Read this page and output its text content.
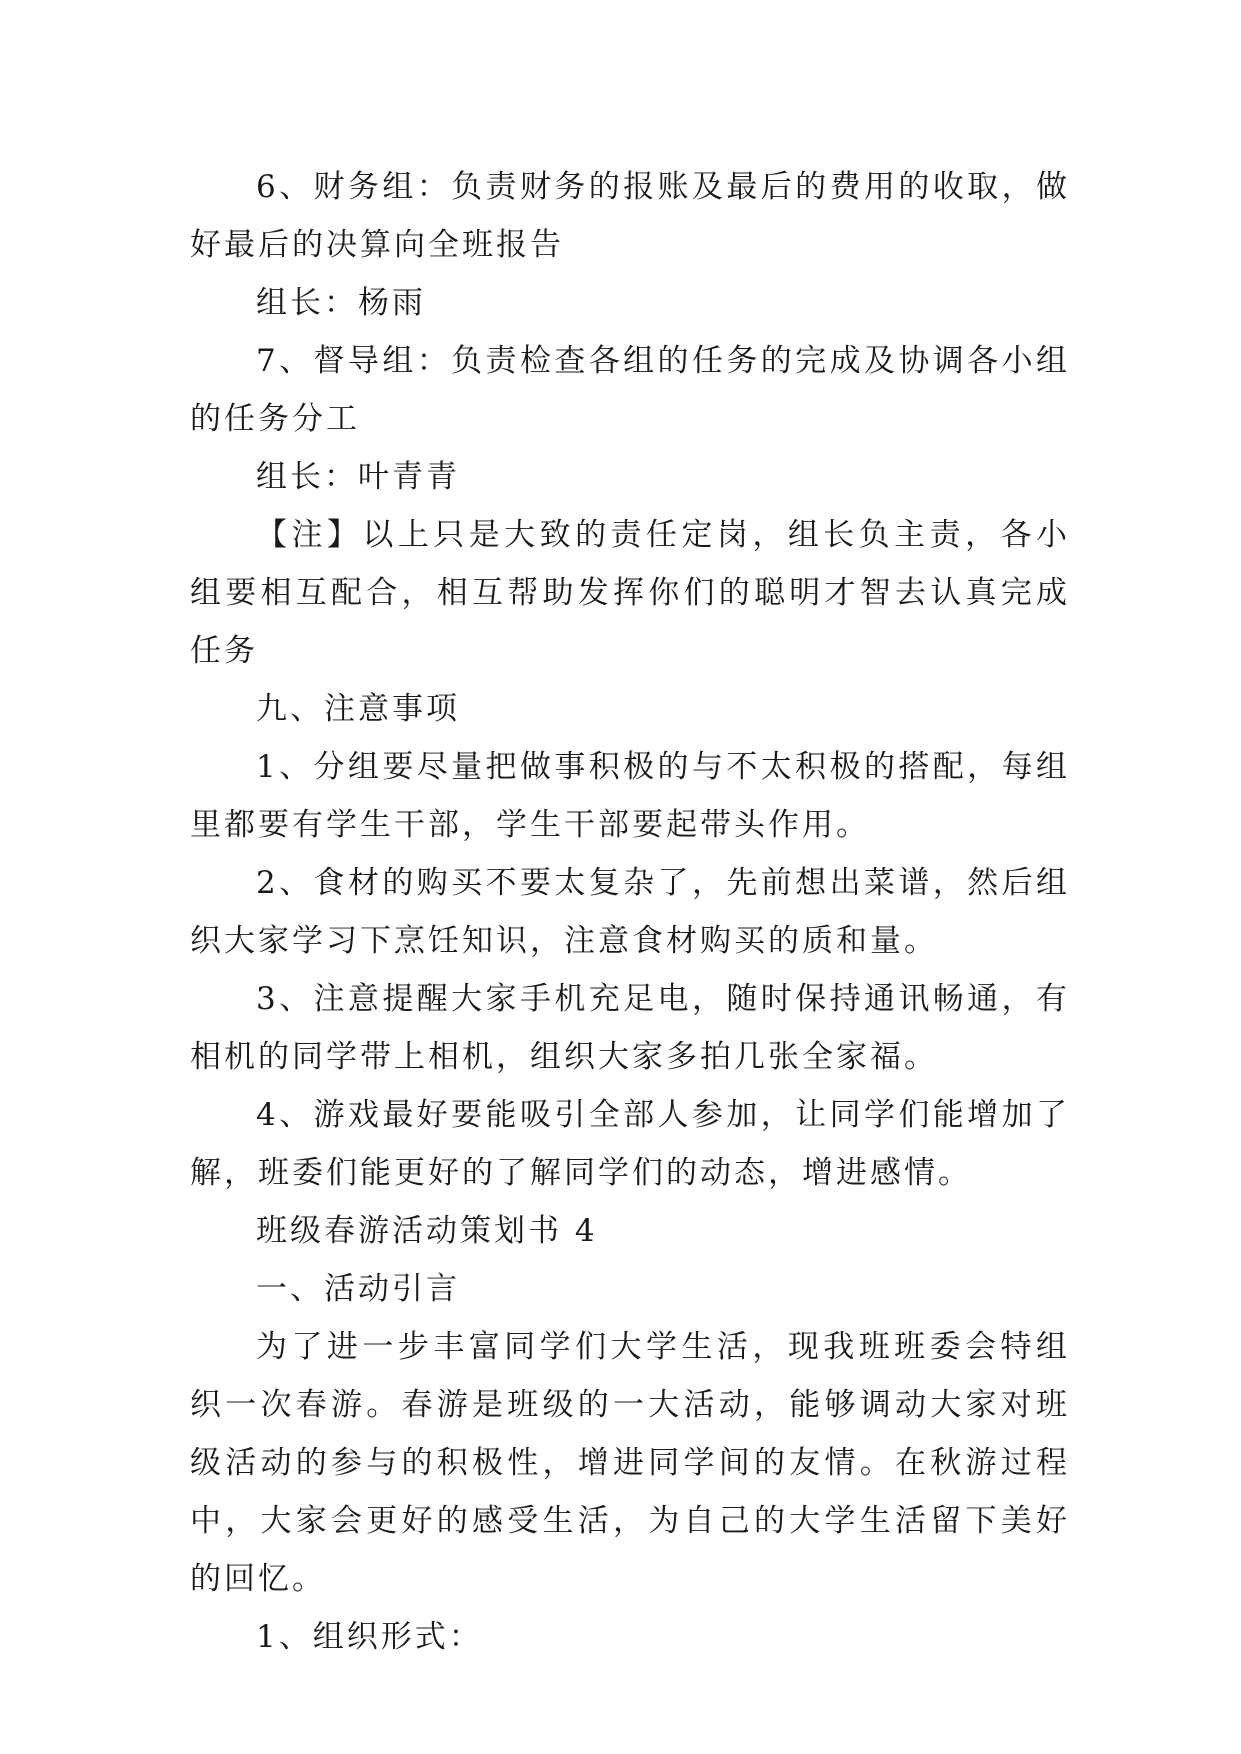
6、财务组：负责财务的报账及最后的费用的收取，做好最后的决算向全班报告

组长：杨雨

7、督导组：负责检查各组的任务的完成及协调各小组的任务分工

组长：叶青青

【注】以上只是大致的责任定岗，组长负主责，各小组要相互配合，相互帮助发挥你们的聪明才智去认真完成任务

九、注意事项

1、分组要尽量把做事积极的与不太积极的搭配，每组里都要有学生干部，学生干部要起带头作用。

2、食材的购买不要太复杂了，先前想出菜谱，然后组织大家学习下烹饪知识，注意食材购买的质和量。

3、注意提醒大家手机充足电，随时保持通讯畅通，有相机的同学带上相机，组织大家多拍几张全家福。

4、游戏最好要能吸引全部人参加，让同学们能增加了解，班委们能更好的了解同学们的动态，增进感情。

班级春游活动策划书 4

一、活动引言

为了进一步丰富同学们大学生活，现我班班委会特组织一次春游。春游是班级的一大活动，能够调动大家对班级活动的参与的积极性，增进同学间的友情。在秋游过程中，大家会更好的感受生活，为自己的大学生活留下美好的回忆。

1、组织形式：
